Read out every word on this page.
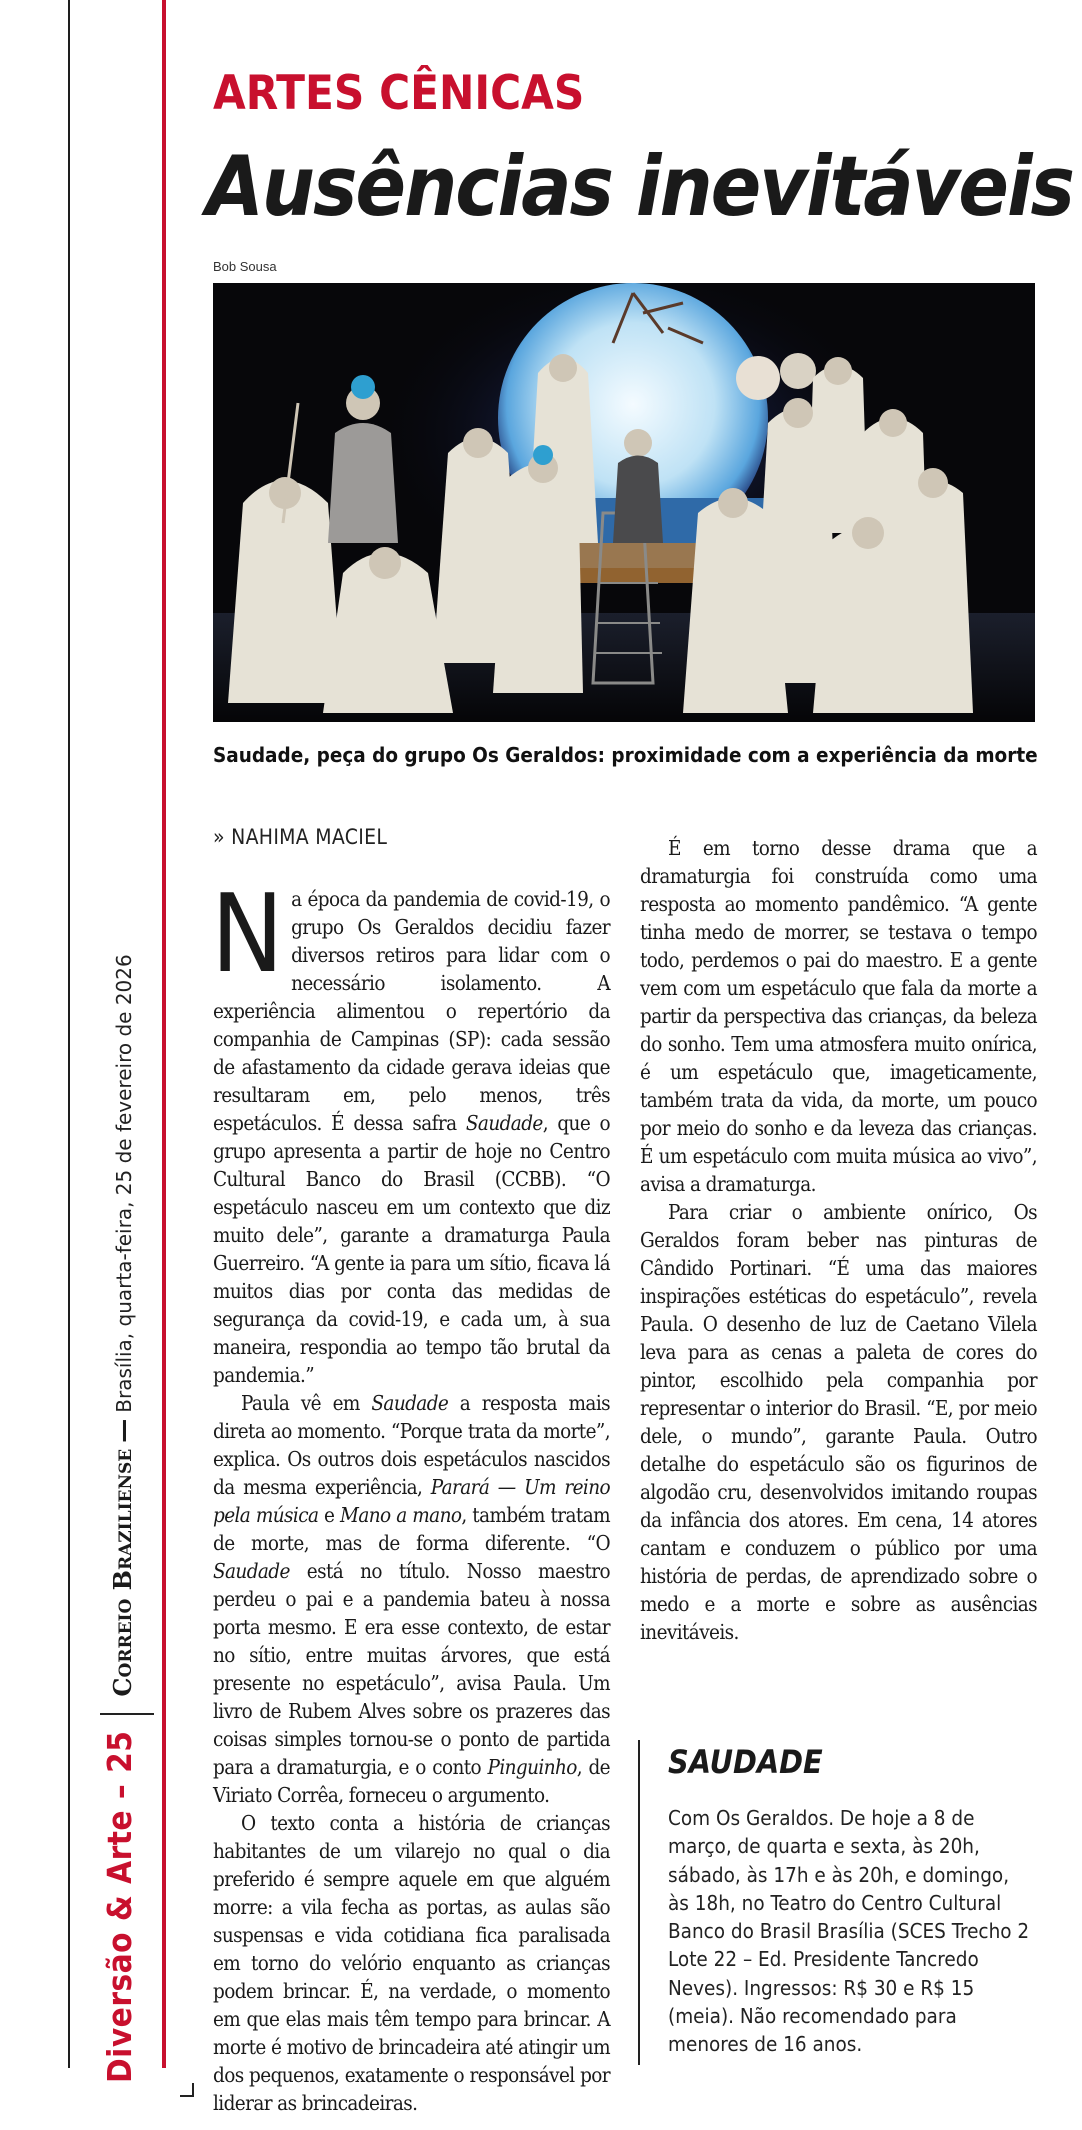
Diversão & Arte – 25
Correio Braziliense
—
Brasília, quarta-feira, 25 de fevereiro de 2026
ARTES CÊNICAS
Ausências inevitáveis
Bob Sousa

Saudade, peça do grupo Os Geraldos: proximidade com a experiência da morte

» NAHIMA MACIEL

Na época da pandemia de covid-19, o grupo Os Geraldos decidiu fazer diversos retiros para lidar com o necessário isolamento. A experiência alimentou o repertório da companhia de Campinas (SP): cada sessão de afastamento da cidade gerava ideias que resultaram em, pelo menos, três espetáculos. É dessa safra Saudade, que o grupo apresenta a partir de hoje no Centro Cultural Banco do Brasil (CCBB). “O espetáculo nasceu em um contexto que diz muito dele”, garante a dramaturga Paula Guerreiro. “A gente ia para um sítio, ficava lá muitos dias por conta das medidas de segurança da covid-19, e cada um, à sua maneira, respondia ao tempo tão brutal da pandemia.”

Paula vê em Saudade a resposta mais direta ao momento. “Porque trata da morte”, explica. Os outros dois espetáculos nascidos da mesma experiência, Parará — Um reino pela música e Mano a mano, também tratam de morte, mas de forma diferente. “O Saudade está no título. Nosso maestro perdeu o pai e a pandemia bateu à nossa porta mesmo. E era esse contexto, de estar no sítio, entre muitas árvores, que está presente no espetáculo”, avisa Paula. Um livro de Rubem Alves sobre os prazeres das coisas simples tornou-se o ponto de partida para a dramaturgia, e o conto Pinguinho, de Viriato Corrêa, forneceu o argumento.

O texto conta a história de crianças habitantes de um vilarejo no qual o dia preferido é sempre aquele em que alguém morre: a vila fecha as portas, as aulas são suspensas e vida cotidiana fica paralisada em torno do velório enquanto as crianças podem brincar. É, na verdade, o momento em que elas mais têm tempo para brincar. A morte é motivo de brincadeira até atingir um dos pequenos, exatamente o responsável por liderar as brincadeiras.

É em torno desse drama que a dramaturgia foi construída como uma resposta ao momento pandêmico. “A gente tinha medo de morrer, se testava o tempo todo, perdemos o pai do maestro. E a gente vem com um espetáculo que fala da morte a partir da perspectiva das crianças, da beleza do sonho. Tem uma atmosfera muito onírica, é um espetáculo que, imageticamente, também trata da vida, da morte, um pouco por meio do sonho e da leveza das crianças. É um espetáculo com muita música ao vivo”, avisa a dramaturga.

Para criar o ambiente onírico, Os Geraldos foram beber nas pinturas de Cândido Portinari. “É uma das maiores inspirações estéticas do espetáculo”, revela Paula. O desenho de luz de Caetano Vilela leva para as cenas a paleta de cores do pintor, escolhido pela companhia por representar o interior do Brasil. “E, por meio dele, o mundo”, garante Paula. Outro detalhe do espetáculo são os figurinos de algodão cru, desenvolvidos imitando roupas da infância dos atores. Em cena, 14 atores cantam e conduzem o público por uma história de perdas, de aprendizado sobre o medo e a morte e sobre as ausências inevitáveis.

SAUDADE

Com Os Geraldos. De hoje a 8 de março, de quarta e sexta, às 20h, sábado, às 17h e às 20h, e domingo, às 18h, no Teatro do Centro Cultural Banco do Brasil Brasília (SCES Trecho 2 Lote 22 – Ed. Presidente Tancredo Neves). Ingressos: R$ 30 e R$ 15 (meia). Não recomendado para menores de 16 anos.
